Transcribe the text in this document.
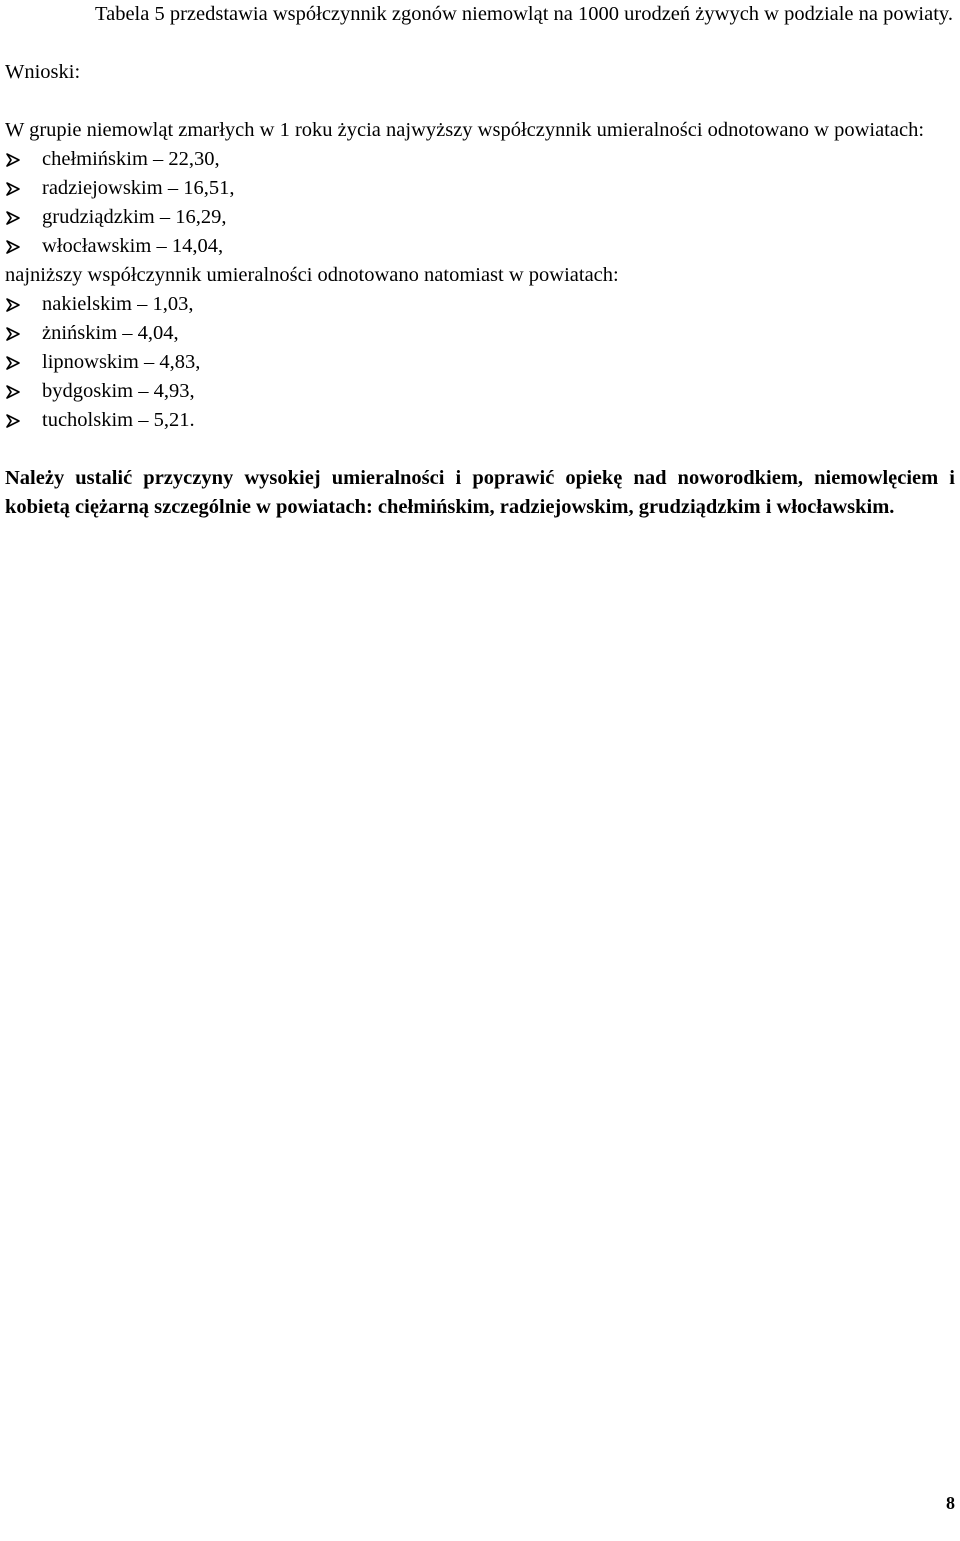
Tabela 5 przedstawia współczynnik zgonów niemowląt na 1000 urodzeń żywych w podziale na powiaty.

Wnioski:

W grupie niemowląt zmarłych w 1 roku życia najwyższy współczynnik umieralności odnotowano w powiatach:

chełmińskim – 22,30,
radziejowskim – 16,51,
grudziądzkim – 16,29,
włocławskim – 14,04,

najniższy współczynnik umieralności odnotowano natomiast w powiatach:

nakielskim – 1,03,
żnińskim – 4,04,
lipnowskim – 4,83,
bydgoskim – 4,93,
tucholskim – 5,21.

Należy ustalić przyczyny wysokiej umieralności i poprawić opiekę nad noworodkiem, niemowlęciem i kobietą ciężarną szczególnie w powiatach: chełmińskim, radziejowskim, grudziądzkim i włocławskim.

8
